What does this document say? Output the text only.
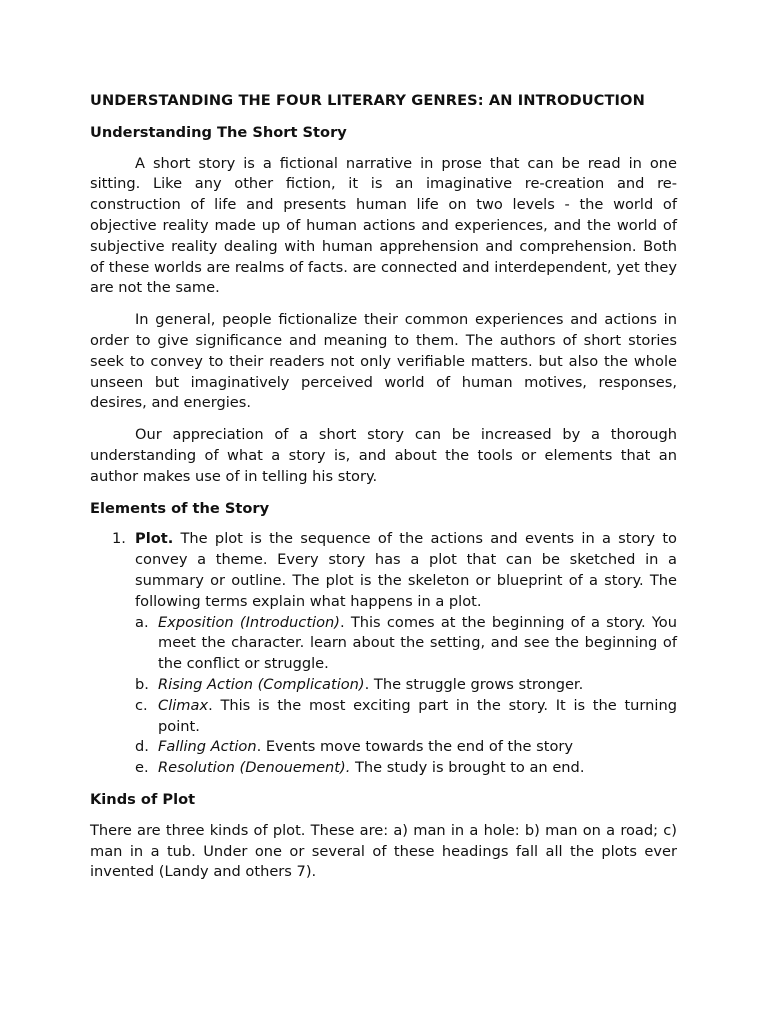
UNDERSTANDING THE FOUR LITERARY GENRES: AN INTRODUCTION
Understanding The Short Story

A short story is a fictional narrative in prose that can be read in one sitting. Like any other fiction, it is an imaginative re-creation and re-construction of life and presents human life on two levels - the world of objective reality made up of human actions and experiences, and the world of subjective reality dealing with human apprehension and comprehension. Both of these worlds are realms of facts. are connected and interdependent, yet they are not the same.

In general, people fictionalize their common experiences and actions in order to give significance and meaning to them. The authors of short stories seek to convey to their readers not only verifiable matters. but also the whole unseen but imaginatively perceived world of human motives, responses, desires, and energies.

Our appreciation of a short story can be increased by a thorough understanding of what a story is, and about the tools or elements that an author makes use of in telling his story.

Elements of the Story
1. Plot. The plot is the sequence of the actions and events in a story to convey a theme. Every story has a plot that can be sketched in a summary or outline. The plot is the skeleton or blueprint of a story. The following terms explain what happens in a plot.
a. Exposition (Introduction). This comes at the beginning of a story. You meet the character. learn about the setting, and see the beginning of the conflict or struggle.
b. Rising Action (Complication). The struggle grows stronger.
c. Climax. This is the most exciting part in the story. It is the turning point.
d. Falling Action. Events move towards the end of the story
e. Resolution (Denouement). The study is brought to an end.
Kinds of Plot

There are three kinds of plot. These are: a) man in a hole: b) man on a road; c) man in a tub. Under one or several of these headings fall all the plots ever invented (Landy and others 7).
